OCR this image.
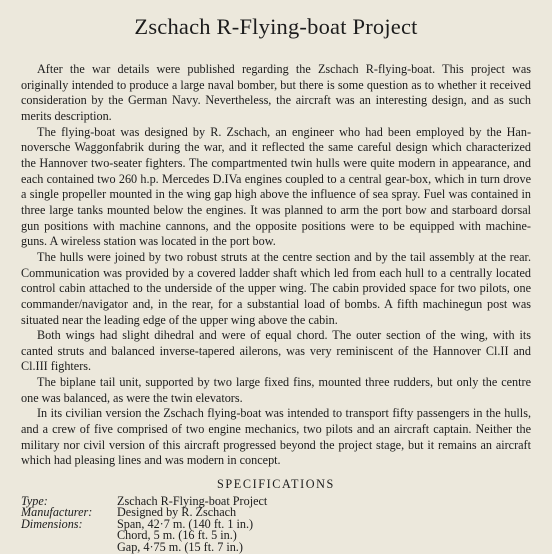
Zschach R-Flying-boat Project

After the war details were published regarding the Zschach R-flying-boat. This project was originally intended to produce a large naval bomber, but there is some question as to whether it received consideration by the German Navy. Nevertheless, the aircraft was an interesting design, and as such merits description.

The flying-boat was designed by R. Zschach, an engineer who had been employed by the Hannoversche Waggonfabrik during the war, and it reflected the same careful design which characterized the Hannover two-seater fighters. The compartmented twin hulls were quite modern in appearance, and each contained two 260 h.p. Mercedes D.IVa engines coupled to a central gear-box, which in turn drove a single propeller mounted in the wing gap high above the influence of sea spray. Fuel was contained in three large tanks mounted below the engines. It was planned to arm the port bow and starboard dorsal gun positions with machine cannons, and the opposite positions were to be equipped with machine-guns. A wireless station was located in the port bow.

The hulls were joined by two robust struts at the centre section and by the tail assembly at the rear. Communication was provided by a covered ladder shaft which led from each hull to a centrally located control cabin attached to the underside of the upper wing. The cabin provided space for two pilots, one commander/navigator and, in the rear, for a substantial load of bombs. A fifth machinegun post was situated near the leading edge of the upper wing above the cabin.

Both wings had slight dihedral and were of equal chord. The outer section of the wing, with its canted struts and balanced inverse-tapered ailerons, was very reminiscent of the Hannover Cl.II and Cl.III fighters.

The biplane tail unit, supported by two large fixed fins, mounted three rudders, but only the centre one was balanced, as were the twin elevators.

In its civilian version the Zschach flying-boat was intended to transport fifty passengers in the hulls, and a crew of five comprised of two engine mechanics, two pilots and an aircraft captain. Neither the military nor civil version of this aircraft progressed beyond the project stage, but it remains an aircraft which had pleasing lines and was modern in concept.

SPECIFICATIONS
Type:	Zschach R-Flying-boat Project
Manufacturer:	Designed by R. Zschach
Dimensions:	Span, 42·7 m. (140 ft. 1 in.)
Chord, 5 m. (16 ft. 5 in.)
Gap, 4·75 m. (15 ft. 7 in.)
